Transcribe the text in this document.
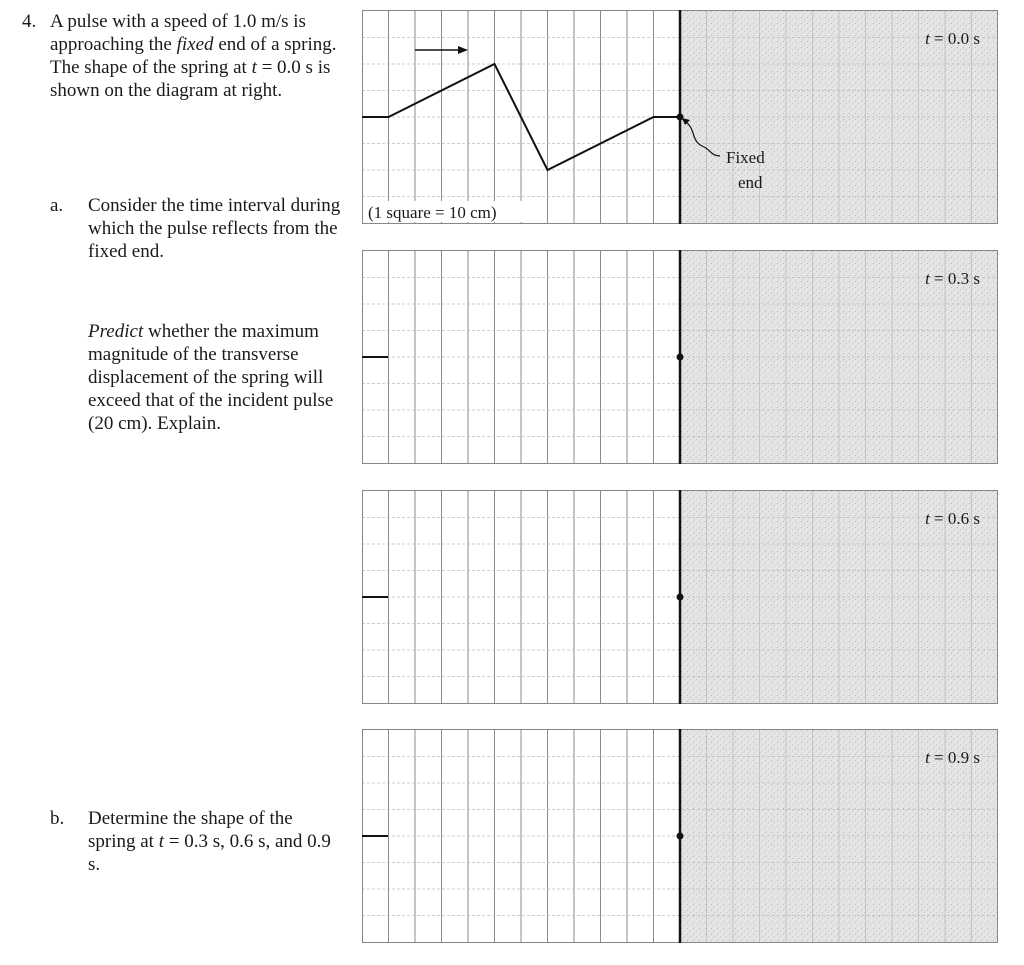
4. A pulse with a speed of 1.0 m/s is approaching the fixed end of a spring. The shape of the spring at t = 0.0 s is shown on the diagram at right.
a. Consider the time interval during which the pulse reflects from the fixed end.
Predict whether the maximum magnitude of the transverse displacement of the spring will exceed that of the incident pulse (20 cm). Explain.
b. Determine the shape of the spring at t = 0.3 s, 0.6 s, and 0.9 s.
Fixed
end
(1 square = 10 cm)
t = 0.0 s
t = 0.3 s
t = 0.6 s
t = 0.9 s
